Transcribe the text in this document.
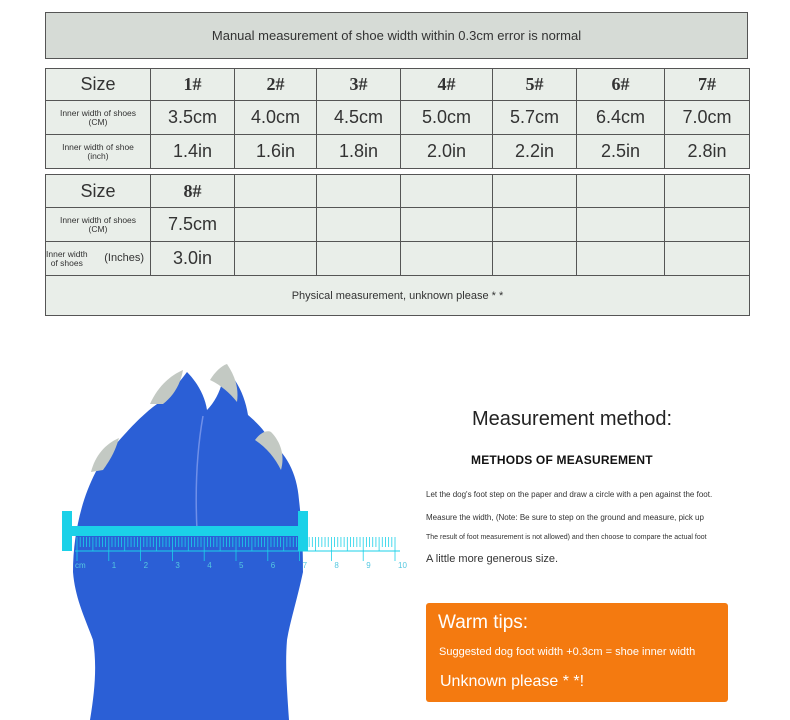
Manual measurement of shoe width within 0.3cm error is normal
Size	1#	2#	3#	4#	5#	6#	7#
Inner width of shoes
(CM)	3.5cm	4.0cm	4.5cm	5.0cm	5.7cm	6.4cm	7.0cm
Inner width of shoe
(inch)	1.4in	1.6in	1.8in	2.0in	2.2in	2.5in	2.8in
Size	8#						
Inner width of shoes
(CM)	7.5cm						

Inner width
of shoes (Inches)	3.0in						
Physical measurement, unknown please * *							
cm	1	2	3	4	5	6	7	8	9	10
Measurement method:
METHODS OF MEASUREMENT
Let the dog's foot step on the paper and draw a circle with a pen against the foot.
Measure the width, (Note: Be sure to step on the ground and measure, pick up
The result of foot measurement is not allowed) and then choose to compare the actual foot
A little more generous size.
Warm tips:
Suggested dog foot width +0.3cm = shoe inner width
Unknown please * *!
